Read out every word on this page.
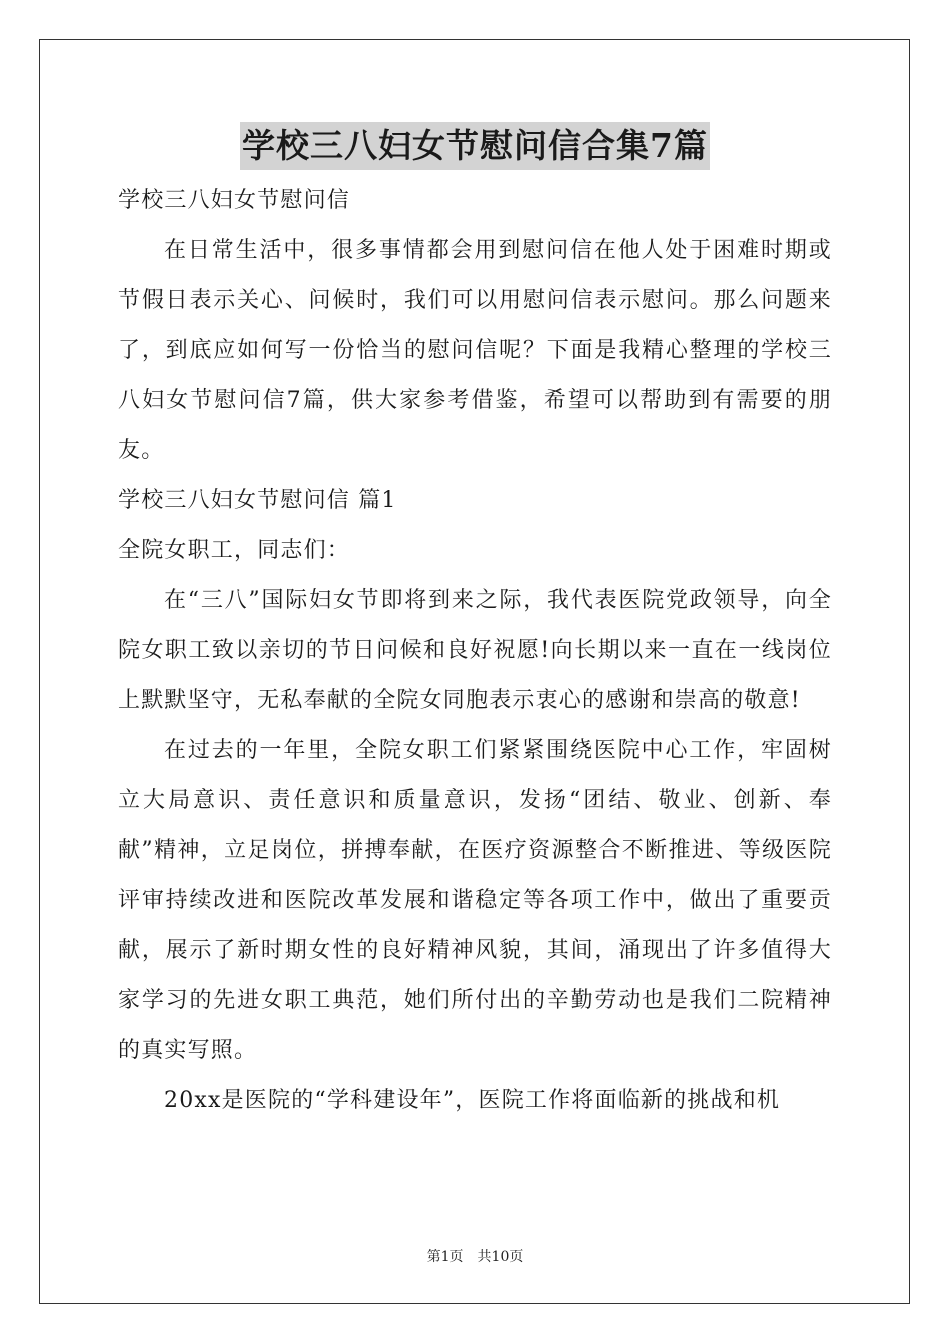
学校三八妇女节慰问信合集7篇
学校三八妇女节慰问信
在日常生活中，很多事情都会用到慰问信在他人处于困难时期或节假日表示关心、问候时，我们可以用慰问信表示慰问。那么问题来了，到底应如何写一份恰当的慰问信呢？下面是我精心整理的学校三八妇女节慰问信7篇，供大家参考借鉴，希望可以帮助到有需要的朋友。
学校三八妇女节慰问信 篇1
全院女职工，同志们：
在“三八”国际妇女节即将到来之际，我代表医院党政领导，向全院女职工致以亲切的节日问候和良好祝愿!向长期以来一直在一线岗位上默默坚守，无私奉献的全院女同胞表示衷心的感谢和崇高的敬意!
在过去的一年里，全院女职工们紧紧围绕医院中心工作，牢固树立大局意识、责任意识和质量意识，发扬“团结、敬业、创新、奉献”精神，立足岗位，拼搏奉献，在医疗资源整合不断推进、等级医院评审持续改进和医院改革发展和谐稳定等各项工作中，做出了重要贡献，展示了新时期女性的良好精神风貌，其间，涌现出了许多值得大家学习的先进女职工典范，她们所付出的辛勤劳动也是我们二院精神的真实写照。
20xx是医院的“学科建设年”，医院工作将面临新的挑战和机
第1页　共10页
